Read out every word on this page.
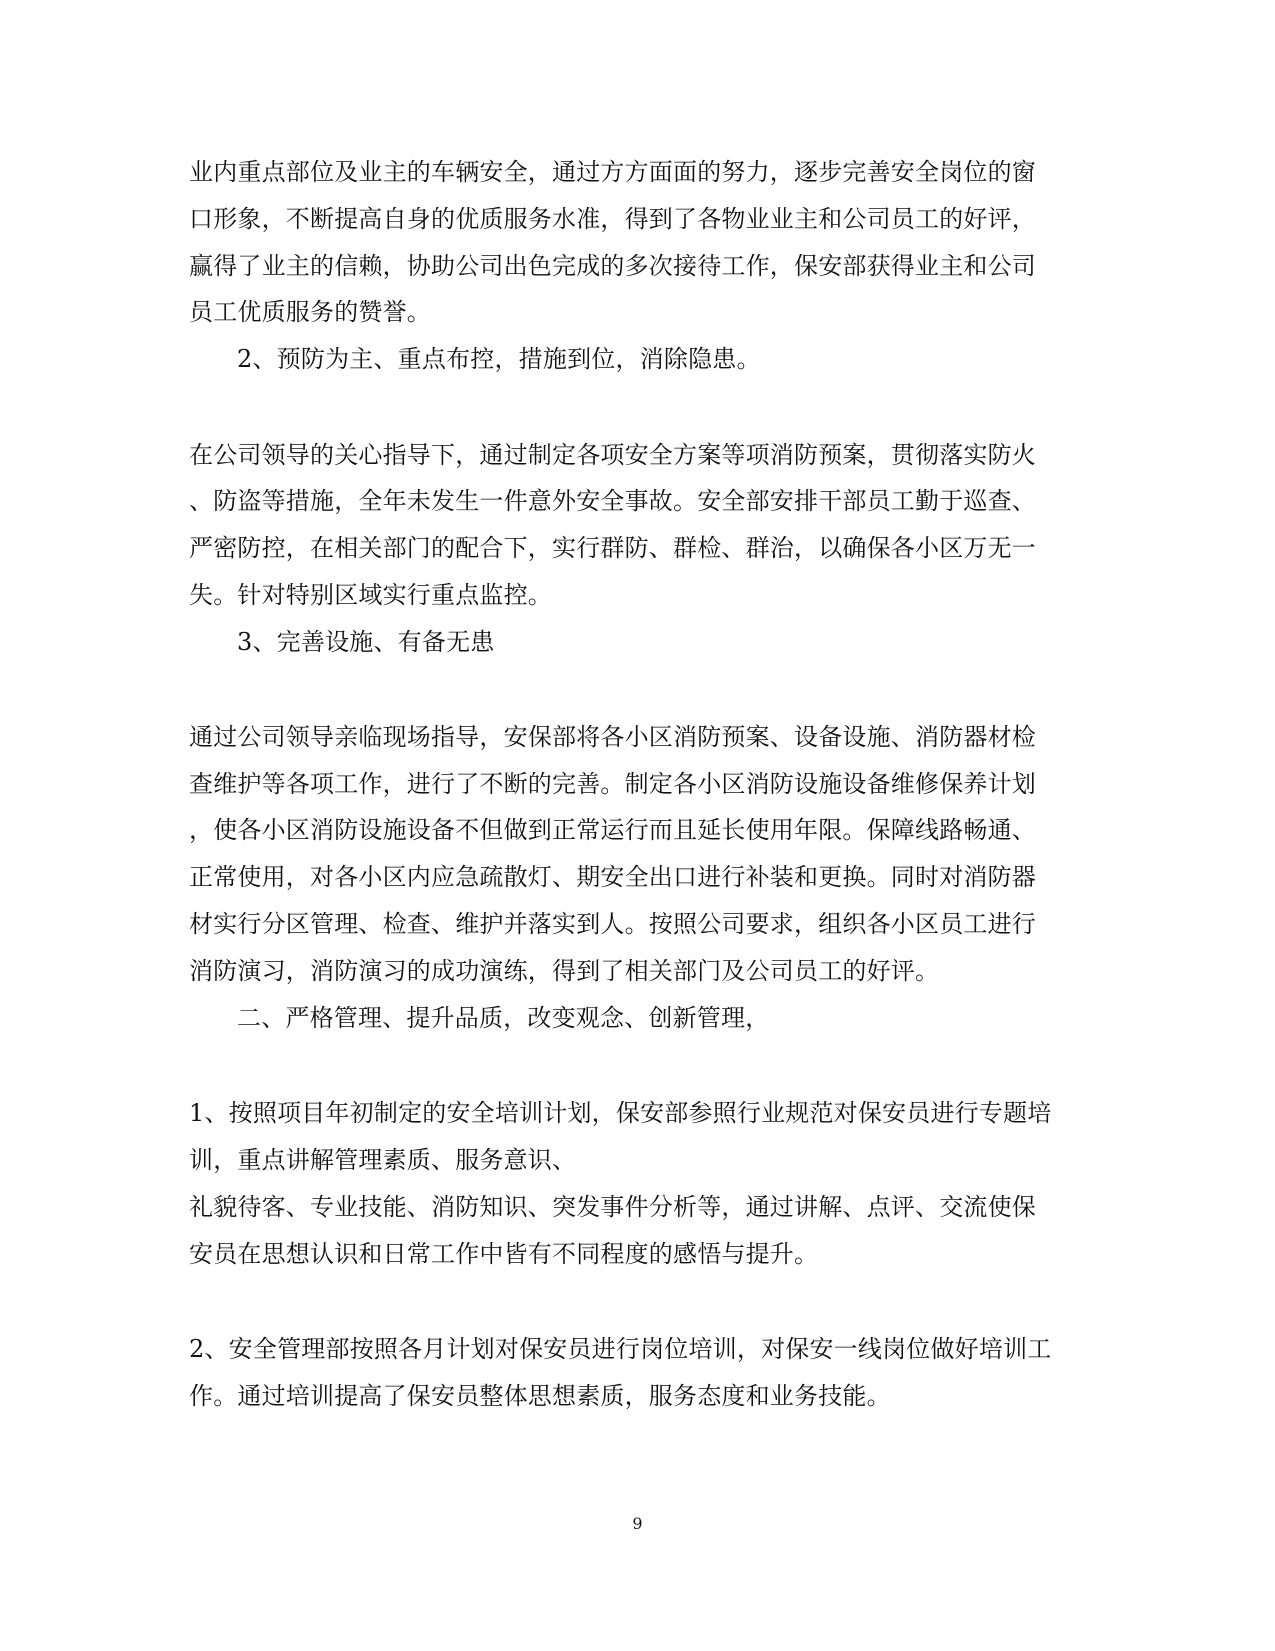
业内重点部位及业主的车辆安全，通过方方面面的努力，逐步完善安全岗位的窗
口形象，不断提高自身的优质服务水准，得到了各物业业主和公司员工的好评，
赢得了业主的信赖，协助公司出色完成的多次接待工作，保安部获得业主和公司
员工优质服务的赞誉。
2、预防为主、重点布控，措施到位，消除隐患。
在公司领导的关心指导下，通过制定各项安全方案等项消防预案，贯彻落实防火
、防盗等措施，全年未发生一件意外安全事故。安全部安排干部员工勤于巡查、
严密防控，在相关部门的配合下，实行群防、群检、群治，以确保各小区万无一
失。针对特别区域实行重点监控。
3、完善设施、有备无患
通过公司领导亲临现场指导，安保部将各小区消防预案、设备设施、消防器材检
查维护等各项工作，进行了不断的完善。制定各小区消防设施设备维修保养计划
，使各小区消防设施设备不但做到正常运行而且延长使用年限。保障线路畅通、
正常使用，对各小区内应急疏散灯、期安全出口进行补装和更换。同时对消防器
材实行分区管理、检查、维护并落实到人。按照公司要求，组织各小区员工进行
消防演习，消防演习的成功演练，得到了相关部门及公司员工的好评。
二、严格管理、提升品质，改变观念、创新管理，
1、按照项目年初制定的安全培训计划，保安部参照行业规范对保安员进行专题培
训，重点讲解管理素质、服务意识、
礼貌待客、专业技能、消防知识、突发事件分析等，通过讲解、点评、交流使保
安员在思想认识和日常工作中皆有不同程度的感悟与提升。
2、安全管理部按照各月计划对保安员进行岗位培训，对保安一线岗位做好培训工
作。通过培训提高了保安员整体思想素质，服务态度和业务技能。
9
